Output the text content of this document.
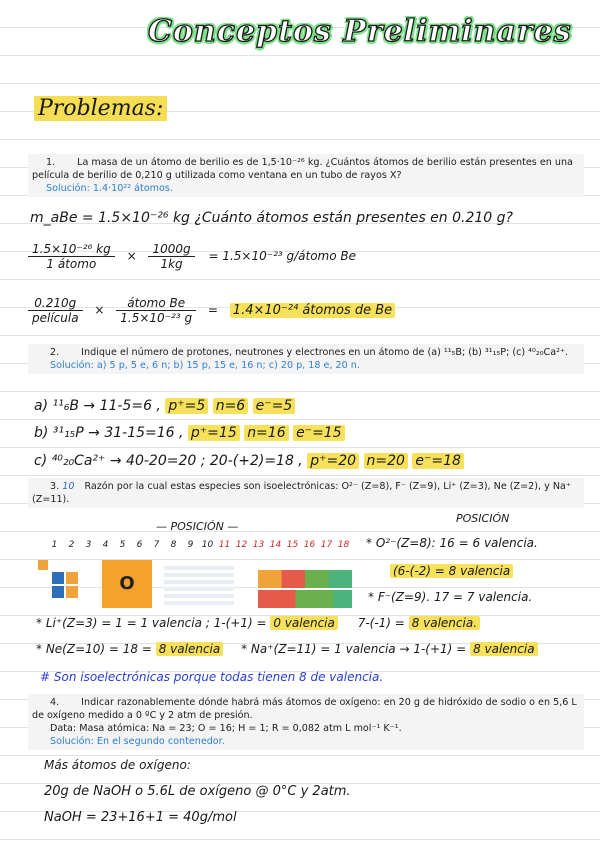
Conceptos Preliminares
Problemas:
1. La masa de un átomo de berilio es de 1,5·10⁻²⁶ kg. ¿Cuántos átomos de berilio están presentes en una película de berilio de 0,210 g utilizada como ventana en un tubo de rayos X?
Solución: 1.4·10²² átomos.
m_aBe = 1.5×10⁻²⁶ kg ¿Cuánto átomos están presentes en 0.210 g?
$\frac{\text{1.5×10⁻²⁶ kg}}{\text{1 átomo}} \times \frac{1000g}{1kg} = 1.5\times 10^{-23}$ g/átomo Be
$\frac{0.210g}{\text{película}} \times \frac{\text{átomo Be}}{\text{1.5×10⁻²³ g}} = 1.4\times 10^{-24}$ átomos de Be
2. Indique el número de protones, neutrones y electrones en un átomo de (a) ¹¹₅B; (b) ³¹₁₅P; (c) ⁴⁰₂₀Ca²⁺.
Solución: a) 5 p, 5 e, 6 n; b) 15 p, 15 e, 16 n; c) 20 p, 18 e, 20 n.
a) ¹¹₆B → 11-5=6 , p⁺=5 n=6 e⁻=5
b) ³¹₁₅P → 31-15=16 , p⁺=15 n=16 e⁻=15
c) ⁴⁰₂₀Ca²⁺ → 40-20=20 ; 20-(+2)=18 , p⁺=20 n=20 e⁻=18
3. 10 Razón por la cual estas especies son isoelectrónicas: O²⁻ (Z=8), F⁻ (Z=9), Li⁺ (Z=3), Ne (Z=2), y Na⁺ (Z=11).
— POSICIÓN —
POSICIÓN
1 2 3 4 5 6 7 8 9 10 11 12 13 14 15 16 17 18
O
* O²⁻(Z=8): 16 = 6 valencia.
(6-(-2) = 8 valencia
* F⁻(Z=9). 17 = 7 valencia.
* Li⁺(Z=3) = 1 = 1 valencia ; 1-(+1) = 0 valencia 7-(-1) = 8 valencia.
* Ne(Z=10) = 18 = 8 valencia * Na⁺(Z=11) = 1 valencia → 1-(+1) = 8 valencia
# Son isoelectrónicas porque todas tienen 8 de valencia.
4. Indicar razonablemente dónde habrá más átomos de oxígeno: en 20 g de hidróxido de sodio o en 5,6 L de oxígeno medido a 0 ºC y 2 atm de presión.
Data: Masa atómica: Na = 23; O = 16; H = 1; R = 0,082 atm L mol⁻¹ K⁻¹.
Solución: En el segundo contenedor.
Más átomos de oxígeno:
20g de NaOH o 5.6L de oxígeno @ 0°C y 2atm.
NaOH = 23+16+1 = 40g/mol
